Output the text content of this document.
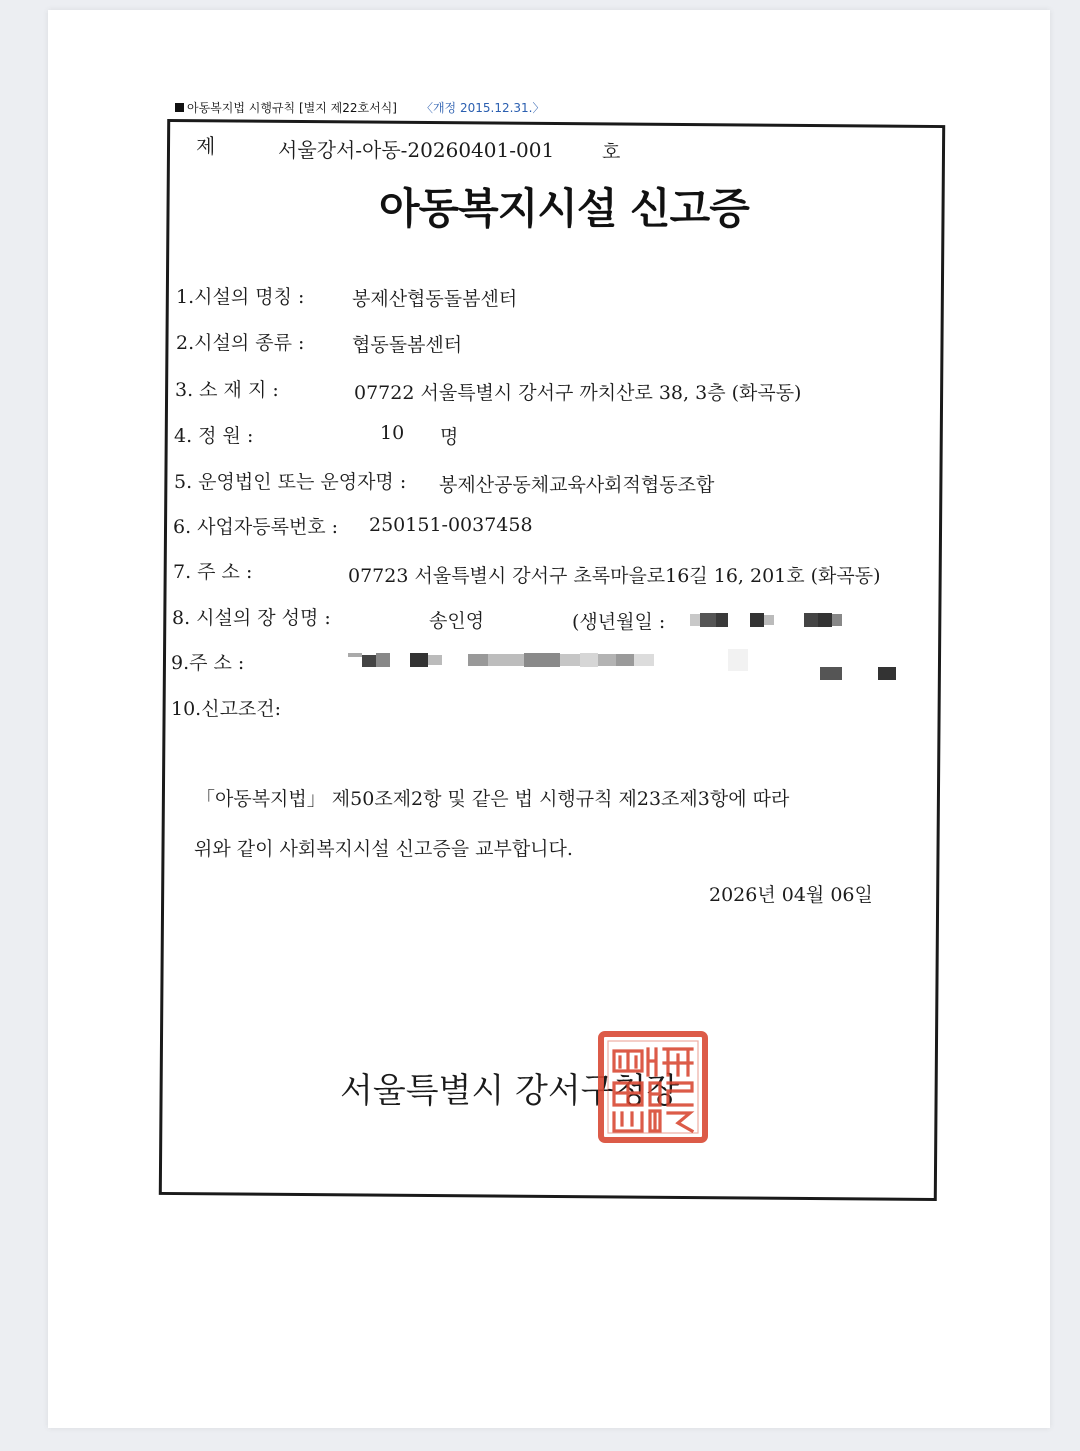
아동복지법 시행규칙 [별지 제22호서식] 〈개정 2015.12.31.〉
제	서울강서-아동-20260401-001	호
아동복지시설 신고증
1.시설의 명칭 :	봉제산협동돌봄센터
2.시설의 종류 :	협동돌봄센터
3. 소 재 지 :	07722 서울특별시 강서구 까치산로 38, 3층 (화곡동)
4. 정 원 :	10 명
5. 운영법인 또는 운영자명 : 봉제산공동체교육사회적협동조합
6. 사업자등록번호 : 250151-0037458
7. 주 소 :	07723 서울특별시 강서구 초록마을로16길 16, 201호 (화곡동)
8. 시설의 장 성명 :	송인영	(생년월일 :
9.주 소 :
10.신고조건:
「아동복지법」 제50조제2항 및 같은 법 시행규칙 제23조제3항에 따라
위와 같이 사회복지시설 신고증을 교부합니다.
2026년 04월 06일
서울특별시 강서구청장
